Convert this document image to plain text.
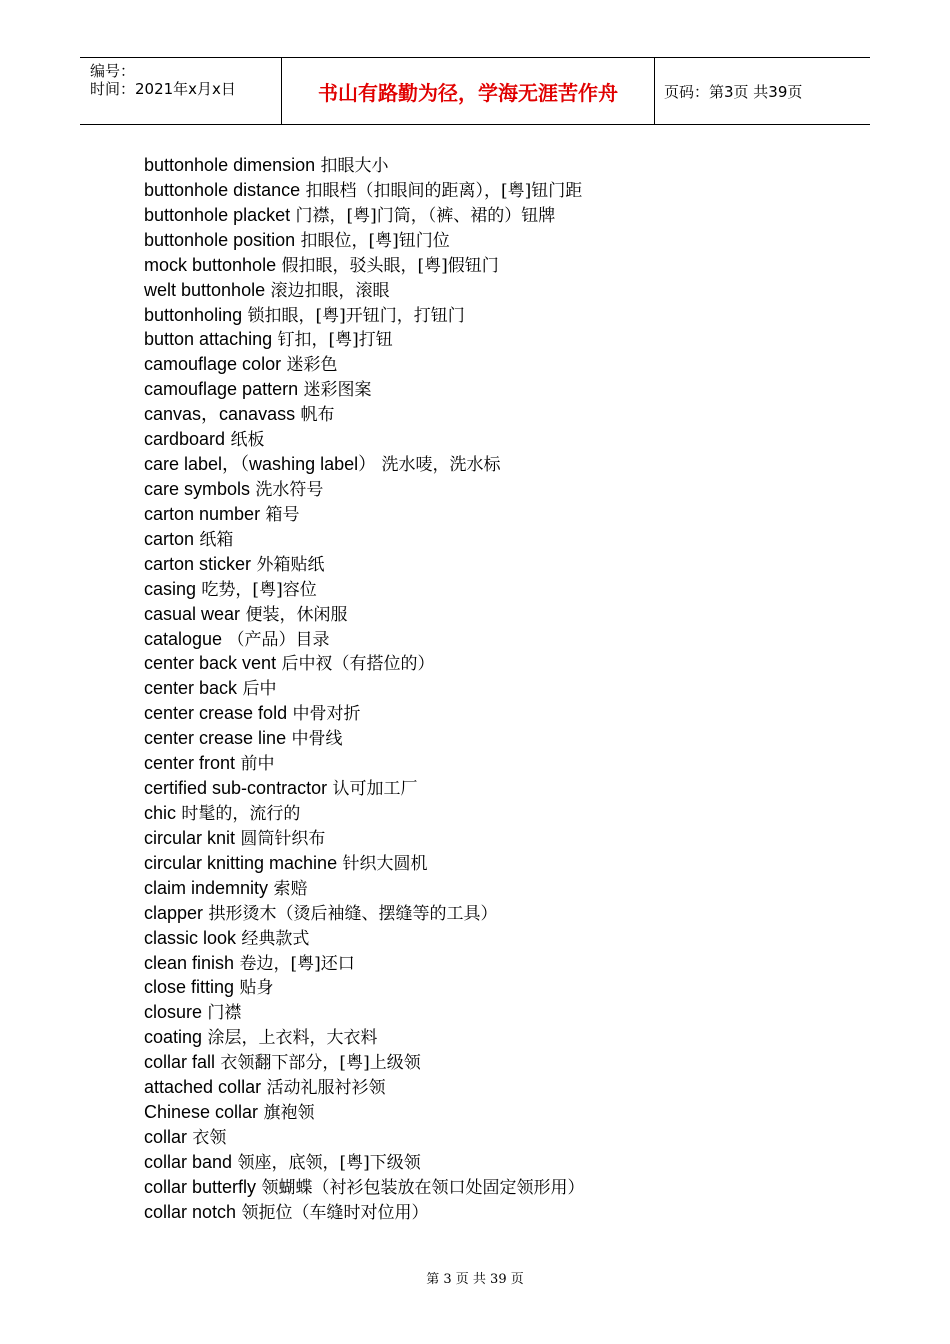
编号：
时间：2021年x月x日	书山有路勤为径，学海无涯苦作舟	页码：第3页 共39页
buttonhole dimension 扣眼大小
buttonhole distance 扣眼档（扣眼间的距离），[粤]钮门距
buttonhole placket 门襟，[粤]门筒，（裤、裙的）钮牌
buttonhole position 扣眼位，[粤]钮门位
mock buttonhole 假扣眼，驳头眼，[粤]假钮门
welt buttonhole 滚边扣眼，滚眼
buttonholing 锁扣眼，[粤]开钮门，打钮门
button attaching 钉扣，[粤]打钮
camouflage color 迷彩色
camouflage pattern 迷彩图案
canvas，canavass 帆布
cardboard 纸板
care label，（washing label） 洗水唛，洗水标
care symbols 洗水符号
carton number 箱号
carton 纸箱
carton sticker 外箱贴纸
casing 吃势，[粤]容位
casual wear 便装，休闲服
catalogue （产品）目录
center back vent 后中衩（有搭位的）
center back 后中
center crease fold 中骨对折
center crease line 中骨线
center front 前中
certified sub-contractor 认可加工厂
chic 时髦的，流行的
circular knit 圆筒针织布
circular knitting machine 针织大圆机
claim indemnity 索赔
clapper 拱形烫木（烫后袖缝、摆缝等的工具）
classic look 经典款式
clean finish 卷边，[粤]还口
close fitting 贴身
closure 门襟
coating 涂层，上衣料，大衣料
collar fall 衣领翻下部分，[粤]上级领
attached collar 活动礼服衬衫领
Chinese collar 旗袍领
collar 衣领
collar band 领座，底领，[粤]下级领
collar butterfly 领蝴蝶（衬衫包装放在领口处固定领形用）
collar notch 领扼位（车缝时对位用）
第 3 页 共 39 页
